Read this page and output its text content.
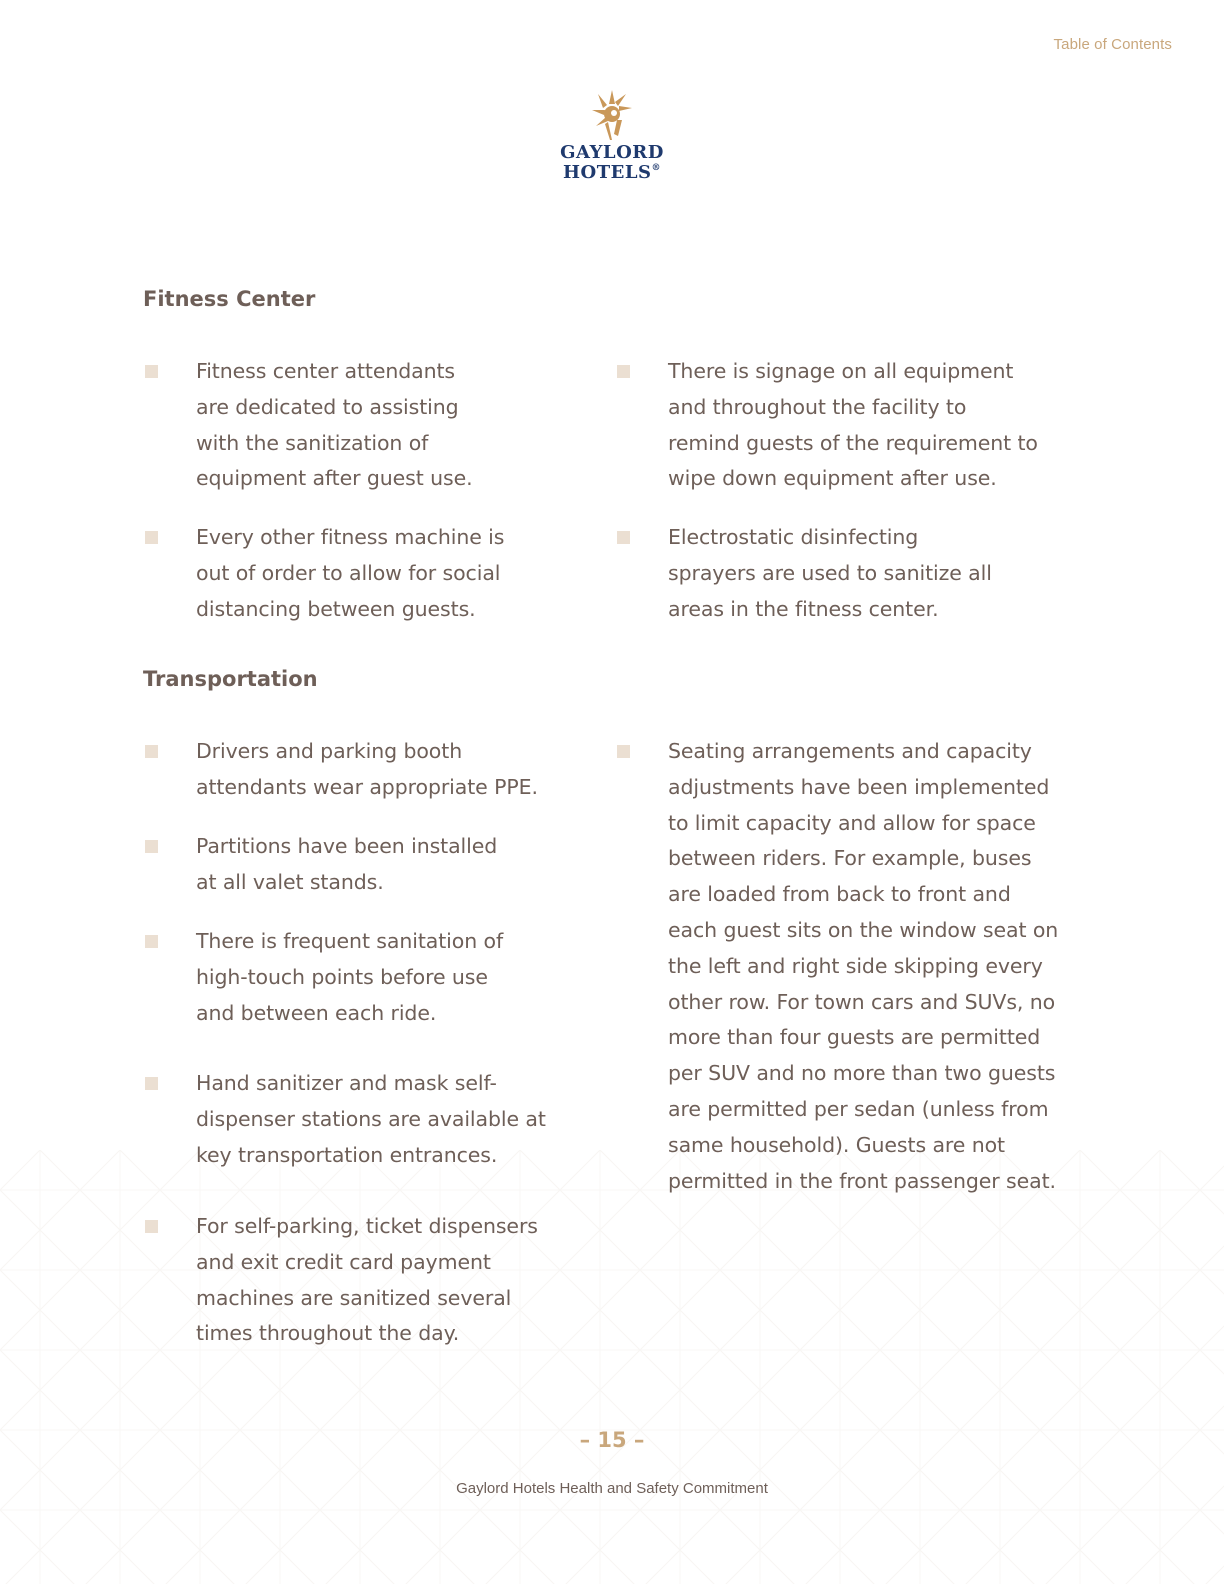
Table of Contents
GAYLORD
HOTELS®
Fitness Center

Fitness center attendants
are dedicated to assisting
with the sanitization of
equipment after guest use.

Every other fitness machine is
out of order to allow for social
distancing between guests.

There is signage on all equipment
and throughout the facility to
remind guests of the requirement to
wipe down equipment after use.

Electrostatic disinfecting
sprayers are used to sanitize all
areas in the fitness center.

Transportation

Drivers and parking booth
attendants wear appropriate PPE.

Partitions have been installed
at all valet stands.

There is frequent sanitation of
high-touch points before use
and between each ride.

Hand sanitizer and mask self-
dispenser stations are available at
key transportation entrances.

For self-parking, ticket dispensers
and exit credit card payment
machines are sanitized several
times throughout the day.

Seating arrangements and capacity
adjustments have been implemented
to limit capacity and allow for space
between riders. For example, buses
are loaded from back to front and
each guest sits on the window seat on
the left and right side skipping every
other row. For town cars and SUVs, no
more than four guests are permitted
per SUV and no more than two guests
are permitted per sedan (unless from
same household). Guests are not
permitted in the front passenger seat.

– 15 –
Gaylord Hotels Health and Safety Commitment
